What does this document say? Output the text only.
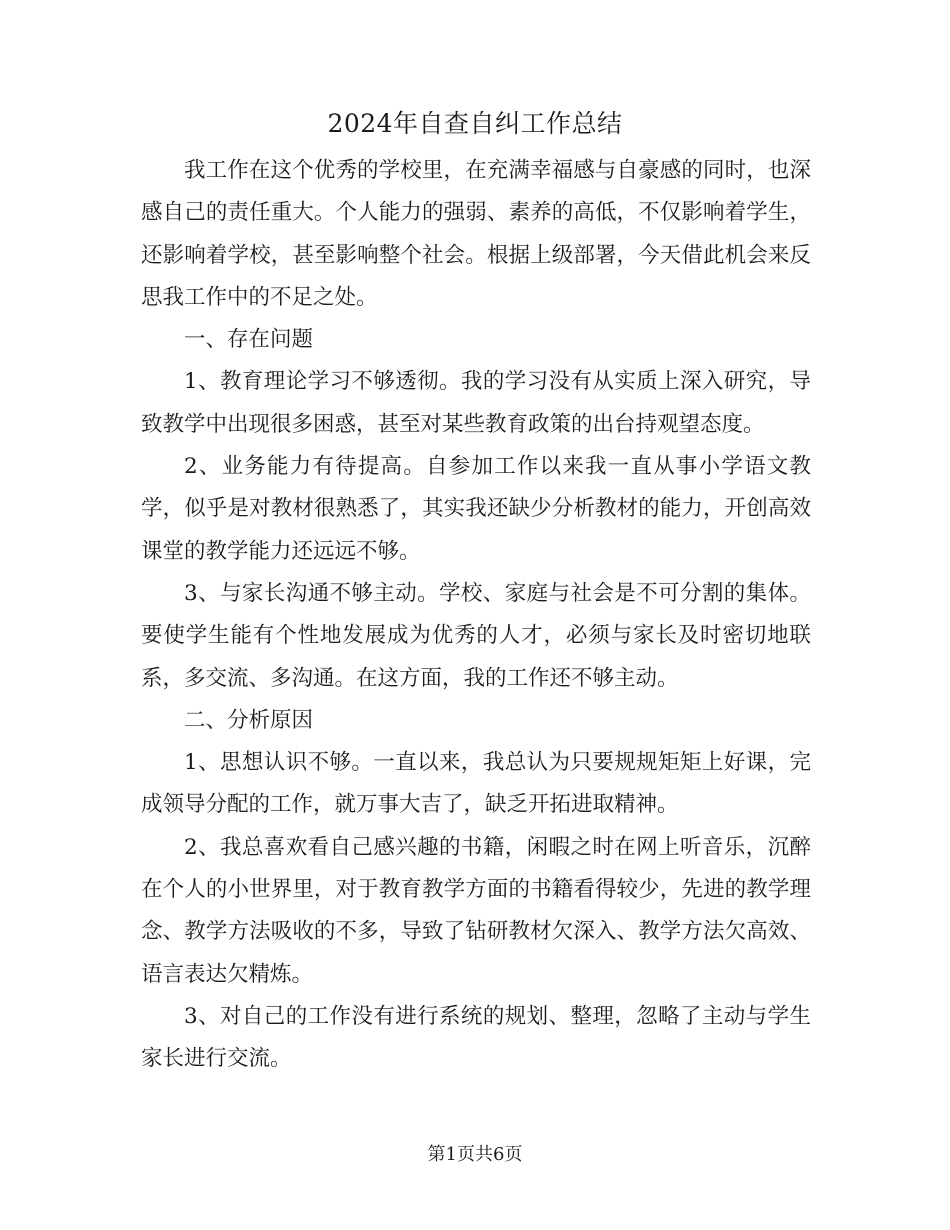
2024年自查自纠工作总结

我工作在这个优秀的学校里，在充满幸福感与自豪感的同时，也深感自己的责任重大。个人能力的强弱、素养的高低，不仅影响着学生，还影响着学校，甚至影响整个社会。根据上级部署，今天借此机会来反思我工作中的不足之处。

一、存在问题

1、教育理论学习不够透彻。我的学习没有从实质上深入研究，导致教学中出现很多困惑，甚至对某些教育政策的出台持观望态度。

2、业务能力有待提高。自参加工作以来我一直从事小学语文教学，似乎是对教材很熟悉了，其实我还缺少分析教材的能力，开创高效课堂的教学能力还远远不够。

3、与家长沟通不够主动。学校、家庭与社会是不可分割的集体。要使学生能有个性地发展成为优秀的人才，必须与家长及时密切地联系，多交流、多沟通。在这方面，我的工作还不够主动。

二、分析原因

1、思想认识不够。一直以来，我总认为只要规规矩矩上好课，完成领导分配的工作，就万事大吉了，缺乏开拓进取精神。

2、我总喜欢看自己感兴趣的书籍，闲暇之时在网上听音乐，沉醉在个人的小世界里，对于教育教学方面的书籍看得较少，先进的教学理念、教学方法吸收的不多，导致了钻研教材欠深入、教学方法欠高效、语言表达欠精炼。

3、对自己的工作没有进行系统的规划、整理，忽略了主动与学生家长进行交流。

第1页共6页
